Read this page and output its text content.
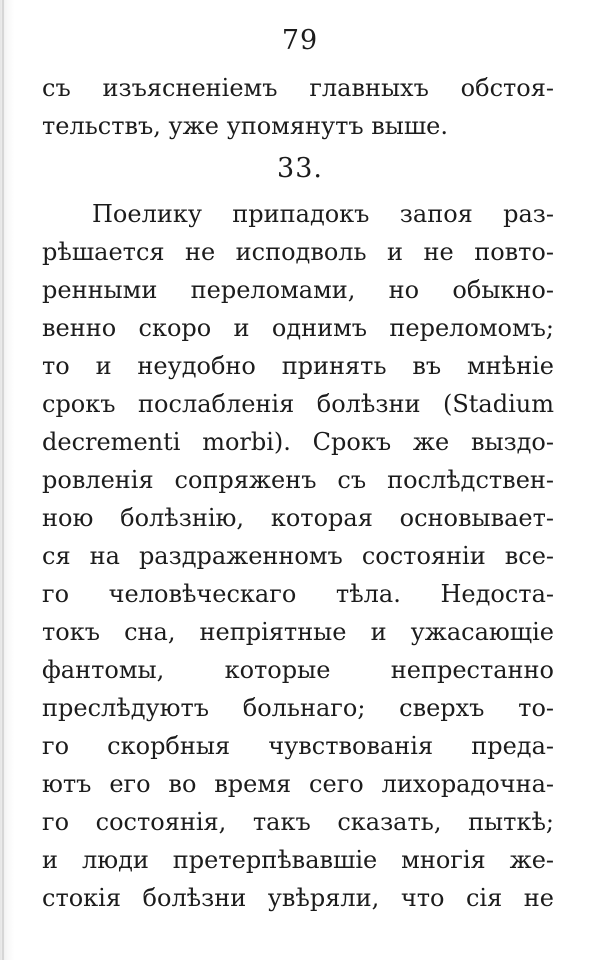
79
съ изъясненіемъ главныхъ обстоя-
тельствъ, уже упомянутъ выше.
33.
Поелику припадокъ запоя раз-
рѣшается не исподволь и не повто-
ренными переломами, но обыкно-
венно скоро и однимъ переломомъ;
то и неудобно принять въ мнѣніе
срокъ послабленія болѣзни (Stadium
decrementi morbi). Срокъ же выздо-
ровленія сопряженъ съ послѣдствен-
ною болѣзнію, которая основывает-
ся на раздраженномъ состояніи все-
го человѣческаго тѣла. Недоста-
токъ сна, непріятные и ужасающіе
фантомы, которые непрестанно
преслѣдуютъ больнаго; сверхъ то-
го скорбныя чувствованія преда-
ютъ его во время сего лихорадочна-
го состоянія, такъ сказать, пыткѣ;
и люди претерпѣвавшіе многія же-
стокія болѣзни увѣряли, что сія не
